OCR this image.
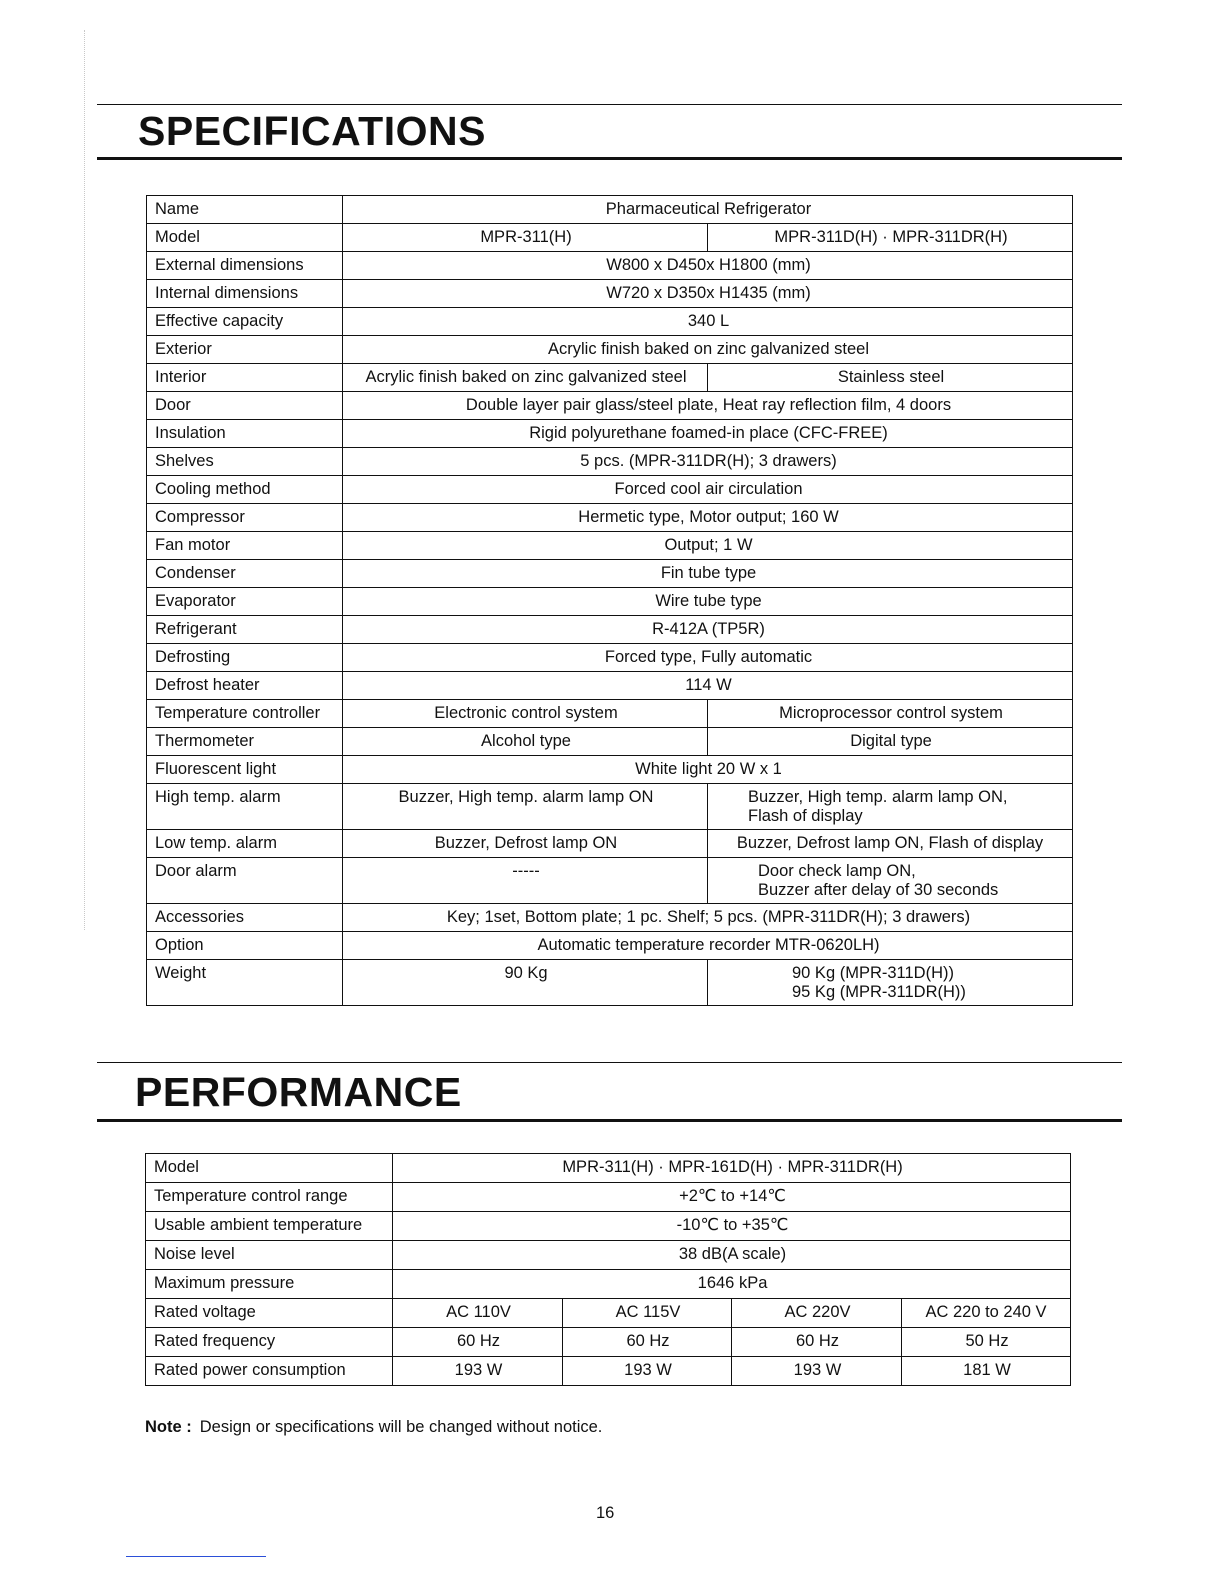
SPECIFICATIONS
Name	Pharmaceutical Refrigerator	
Model	MPR-311(H)	MPR-311D(H) · MPR-311DR(H)
External dimensions	W800 x D450x H1800 (mm)	
Internal dimensions	W720 x D350x H1435 (mm)	
Effective capacity	340 L	
Exterior	Acrylic finish baked on zinc galvanized steel	
Interior	Acrylic finish baked on zinc galvanized steel	Stainless steel
Door	Double layer pair glass/steel plate, Heat ray reflection film, 4 doors	
Insulation	Rigid polyurethane foamed-in place (CFC-FREE)	
Shelves	5 pcs. (MPR-311DR(H); 3 drawers)	
Cooling method	Forced cool air circulation	
Compressor	Hermetic type, Motor output; 160 W	
Fan motor	Output; 1 W	
Condenser	Fin tube type	
Evaporator	Wire tube type	
Refrigerant	R-412A (TP5R)	
Defrosting	Forced type, Fully automatic	
Defrost heater	114 W	
Temperature controller	Electronic control system	Microprocessor control system
Thermometer	Alcohol type	Digital type
Fluorescent light	White light 20 W x 1	
High temp. alarm	Buzzer, High temp. alarm lamp ON	Buzzer, High temp. alarm lamp ON,
Flash of display

Low temp. alarm	Buzzer, Defrost lamp ON	Buzzer, Defrost lamp ON, Flash of display
Door alarm	-----	Door check lamp ON,
Buzzer after delay of 30 seconds

Accessories	Key; 1set, Bottom plate; 1 pc. Shelf; 5 pcs. (MPR-311DR(H); 3 drawers)	
Option	Automatic temperature recorder MTR-0620LH)	
Weight	90 Kg	90 Kg (MPR-311D(H))
95 Kg (MPR-311DR(H))
PERFORMANCE
Model	MPR-311(H) · MPR-161D(H) · MPR-311DR(H)			
Temperature control range	+2℃ to +14℃			
Usable ambient temperature	-10℃ to +35℃			
Noise level	38 dB(A scale)			
Maximum pressure	1646 kPa			
Rated voltage	AC 110V	AC 115V	AC 220V	AC 220 to 240 V
Rated frequency	60 Hz	60 Hz	60 Hz	50 Hz
Rated power consumption	193 W	193 W	193 W	181 W
Note : Design or specifications will be changed without notice.
16
